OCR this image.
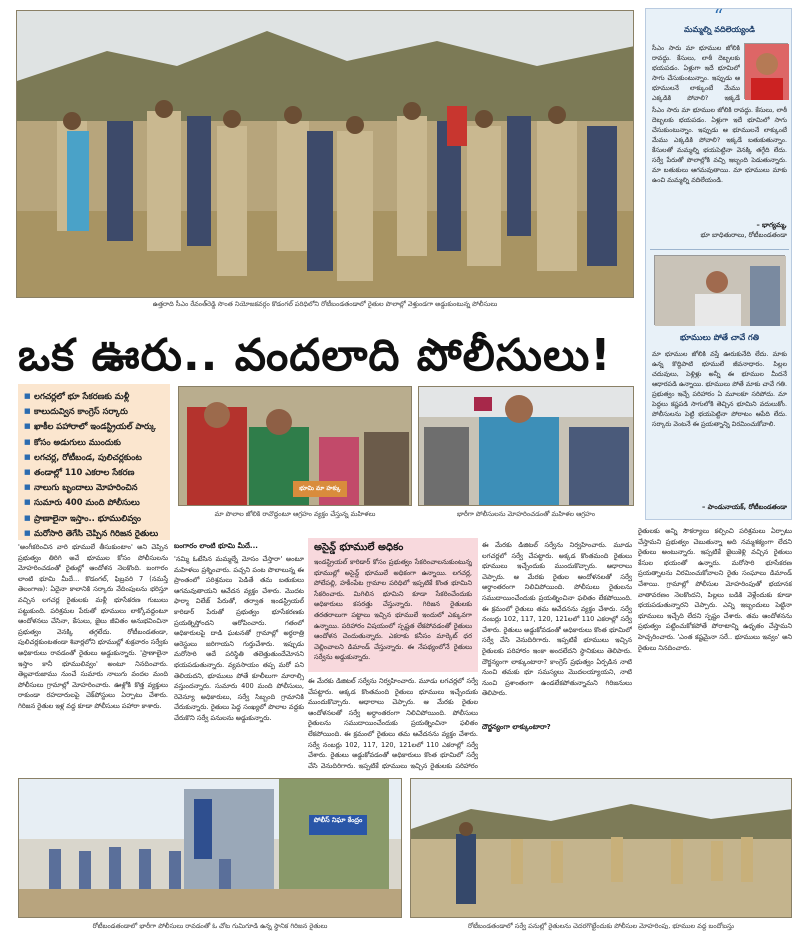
ఉత్తరాది సీఎం రేవంత్‌రెడ్డి సొంత నియోజకవర్గం కొడంగల్ పరిధిలోని రోటీబండతండాలో రైతుల పొలాల్లో వెళ్తుండగా అడ్డుకుంటున్న పోలీసులు
ఒక ఊరు.. వందలాది పోలీసులు!
“
మమ్మల్ని వదిలెయ్యండి
సీఎం సారు మా భూముల జోలికి రావద్దు. కేసులు, లాఠీ దెబ్బలకు భయపడం. ఏళ్లుగా ఇదే భూమిలో సాగు చేసుకుంటున్నాం. ఇప్పుడు ఆ భూములనే లాక్కుంటే మేము ఎక్కడికి పోవాలి? ఇక్కడే
సీఎం సారు మా భూముల జోలికి రావద్దు. కేసులు, లాఠీ దెబ్బలకు భయపడం. ఏళ్లుగా ఇదే భూమిలో సాగు చేసుకుంటున్నాం. ఇప్పుడు ఆ భూములనే లాక్కుంటే మేము ఎక్కడికి పోవాలి? ఇక్కడే బతుకుతున్నాం. కేసులతో మమ్మల్ని భయపెట్టినా వెనక్కి తగ్గేది లేదు. సర్వే పేరుతో పొలాల్లోకి వచ్చి ఇబ్బంది పెడుతున్నారు. మా బతుకులు ఆగమవుతాయి. మా భూములు మాకు ఉంచి మమ్మల్ని వదిలేయండి.
– భాగ్యమ్మ,
భూ బాధితురాలు, రోటీబండతండా
భూములు పోతే చావే గతి
మా భూముల జోలికి వస్తే ఊరుకునేది లేదు. మాకు ఉన్న కొద్దిపాటి భూములే జీవనాధారం. పిల్లల చదువులు, పెళ్లిళ్లు అన్నీ ఈ భూముల మీదనే ఆధారపడి ఉన్నాయి. భూములు పోతే మాకు చావే గతి. ప్రభుత్వం ఇచ్చే పరిహారం ఏ మూలకూ సరిపోదు. మా పెద్దలు కష్టపడి సాగులోకి తెచ్చిన భూమిని వదులుకోం. పోలీసులను పెట్టి భయపెట్టినా పోరాటం ఆపేది లేదు. సర్కారు వెంటనే ఈ ప్రయత్నాన్ని విరమించుకోవాలి.
– పాండునాయక్, రోటీబండతండా
■ లగచర్లలో భూ సేకరణకు మళ్లీ
■ కాలుదువ్విన కాంగ్రెస్ సర్కారు
■ ఖాకీల పహారాలో ఇండస్ట్రియల్ పార్కు
■ కోసం అడుగులు ముందుకు
■ లగచర్ల, రోటీబండ, పులిచర్లకుంట
■ తండాల్లో 110 ఎకరాల సేకరణ
■ నాలుగు బృందాలు మోహరించిన
■ సుమారు 400 మంది పోలీసులు
■ ప్రాణాలైనా ఇస్తాం.. భూములివ్వం
■ మరోసారి తెగేసి చెప్పిన గిరిజన రైతులు
భూమి మా హక్కు
మా పొలాల జోలికి రావొద్దంటూ ఆగ్రహం వ్యక్తం చేస్తున్న మహిళలు	భారీగా పోలీసులను మోహరించడంతో మహిళల ఆగ్రహం
'అంగీకరించిన వారి భూములే తీసుకుంటాం' అని చెప్పిన ప్రభుత్వం తిరిగి అవే భూముల కోసం పోలీసులను మోహరించడంతో రైతుల్లో ఆందోళన నెలకొంది. బంగారం లాంటి భూమి మీదే... కొడంగల్, ఫిబ్రవరి 7 (నమస్తే తెలంగాణ): ఏదైనా కాలానికి సర్కారు వేదింపులను భరిస్తూ వచ్చిన లగచర్ల రైతులకు మళ్లీ భూసేకరణ గుబులు పట్టుకుంది. పరిశ్రమల పేరుతో భూములు లాక్కోవద్దంటూ ఆందోళనలు చేసినా, కేసులు, జైలు జీవితం అనుభవించినా ప్రభుత్వం వెనక్కి తగ్గలేదు. రోటీబండతండా, పులిచర్లకుంటతండా శివార్లలోని భూముల్లో శుక్రవారం సర్వేకు అధికారులు రావడంతో రైతులు అడ్డుకున్నారు. 'ప్రాణాలైనా ఇస్తాం కానీ భూములివ్వం' అంటూ నినదించారు. తెల్లవారుజాము నుంచే సుమారు నాలుగు వందల మంది పోలీసులు గ్రామాల్లో మోహరించారు. ఊళ్లోకి కొత్త వ్యక్తులు రాకుండా రహదారులపై చెక్‌పోస్టులు ఏర్పాటు చేశారు. గిరిజన రైతుల ఇళ్ల వద్ద కూడా పోలీసులు పహారా కాశారు.
బంగారం లాంటి భూమి మీదే...
'నమ్మి ఓటేసిన మమ్మల్నే మోసం చేస్తారా' అంటూ మహిళలు ప్రశ్నించారు. పచ్చని పంట పొలాలున్న ఈ ప్రాంతంలో పరిశ్రమలు పెడితే తమ బతుకులు ఆగమవుతాయని ఆవేదన వ్యక్తం చేశారు. మొదట ఫార్మా విలేజ్ పేరుతో, తర్వాత ఇండస్ట్రియల్ కారిడార్ పేరుతో ప్రభుత్వం భూసేకరణకు ప్రయత్నిస్తోందని ఆరోపించారు. గతంలో అధికారులపై దాడి ఘటనతో గ్రామాల్లో అర్ధరాత్రి అరెస్టులు జరిగాయని గుర్తుచేశారు. ఇప్పుడు మరోసారి అదే పరిస్థితి తలెత్తుతుందేమోనని భయపడుతున్నారు. వ్యవసాయం తప్ప మరో పని తెలియదని, భూములు పోతే కూలీలుగా మారాల్సి వస్తుందన్నారు. సుమారు 400 మంది పోలీసులు, రెవెన్యూ అధికారులు, సర్వే సిబ్బంది గ్రామానికి చేరుకున్నారు. రైతులు పెద్ద సంఖ్యలో పొలాల వద్దకు చేరుకొని సర్వే పనులను అడ్డుకున్నారు.
అసైన్డ్ భూములే అధికం
ఇండస్ట్రియల్ కారిడార్ కోసం ప్రభుత్వం సేకరించాలనుకుంటున్న భూముల్లో అసైన్డ్ భూములే అధికంగా ఉన్నాయి. లగచర్ల, పోలేపల్లి, హకీంపేట గ్రామాల పరిధిలో ఇప్పటికే కొంత భూమిని సేకరించారు. మిగిలిన భూమిని కూడా సేకరించేందుకు అధికారులు కసరత్తు చేస్తున్నారు. గిరిజన రైతులకు తరతరాలుగా పట్టాలు ఇచ్చిన భూములే ఇందులో ఎక్కువగా ఉన్నాయి. పరిహారం విషయంలో స్పష్టత లేకపోవడంతో రైతులు ఆందోళన చెందుతున్నారు. ఎకరాకు కనీసం మార్కెట్ ధర చెల్లించాలని డిమాండ్ చేస్తున్నారు. ఈ నేపథ్యంలోనే రైతులు సర్వేను అడ్డుకున్నారు.
ఈ మేరకు డిజిటల్ సర్వేను నిర్వహించారు. మూడు లగచర్లలో సర్వే చేపట్టారు. అక్కడ కొంతమంది రైతులు భూములు ఇచ్చేందుకు ముందుకొచ్చారు. ఆధారాలు చెప్పారు. ఆ మేరకు రైతుల ఆందోళనలతో సర్వే అర్ధాంతరంగా నిలిచిపోయింది. పోలీసులు రైతులను సముదాయించేందుకు ప్రయత్నించినా ఫలితం లేకపోయింది. ఈ క్రమంలో రైతులు తమ ఆవేదనను వ్యక్తం చేశారు. సర్వే నంబర్లు 102, 117, 120, 121లలో 110 ఎకరాల్లో సర్వే చేశారు. రైతులు అడ్డుకోవడంతో అధికారులు కొంత భూమిలో సర్వే చేసి వెనుదిరిగారు. ఇప్పటికే భూములు ఇచ్చిన రైతులకు పరిహారం
ఈ మేరకు డిజిటల్ సర్వేను నిర్వహించారు. మూడు లగచర్లలో సర్వే చేపట్టారు. అక్కడ కొంతమంది రైతులు భూములు ఇచ్చేందుకు ముందుకొచ్చారు. ఆధారాలు చెప్పారు. ఆ మేరకు రైతుల ఆందోళనలతో సర్వే అర్ధాంతరంగా నిలిచిపోయింది. పోలీసులు రైతులను సముదాయించేందుకు ప్రయత్నించినా ఫలితం లేకపోయింది. ఈ క్రమంలో రైతులు తమ ఆవేదనను వ్యక్తం చేశారు. సర్వే నంబర్లు 102, 117, 120, 121లలో 110 ఎకరాల్లో సర్వే చేశారు. రైతులు అడ్డుకోవడంతో అధికారులు కొంత భూమిలో సర్వే చేసి వెనుదిరిగారు. ఇప్పటికే భూములు ఇచ్చిన రైతులకు పరిహారం ఇంకా అందలేదని స్థానికులు తెలిపారు. దౌర్జన్యంగా లాక్కుంటారా? కాంగ్రెస్ ప్రభుత్వం ఏర్పడిన నాటి నుంచి తమకు భూ సమస్యలు మొదలయ్యాయని, నాటి నుంచి ప్రశాంతంగా ఉండలేకపోతున్నామని గిరిజనులు తెలిపారు.
దౌర్జన్యంగా లాక్కుంటారా?
రైతులకు అన్ని సౌకర్యాలు కల్పించి పరిశ్రమలు ఏర్పాటు చేస్తామని ప్రభుత్వం చెబుతున్నా అది నమ్మశక్యంగా లేదని రైతులు అంటున్నారు. ఇప్పటికే జైలుకెళ్లి వచ్చిన రైతులు కేసుల భయంతో ఉన్నారు. మరోసారి భూసేకరణ ప్రయత్నాలను విరమించుకోవాలని రైతు సంఘాలు డిమాండ్ చేశాయి. గ్రామాల్లో పోలీసుల మోహరింపుతో భయానక వాతావరణం నెలకొందని, పిల్లలు బడికి వెళ్లేందుకు కూడా భయపడుతున్నారని చెప్పారు. ఎన్ని ఇబ్బందులు పెట్టినా భూములు ఇచ్చేది లేదని స్పష్టం చేశారు. తమ ఆందోళనను ప్రభుత్వం పట్టించుకోకపోతే పోరాటాన్ని ఉధృతం చేస్తామని హెచ్చరించారు. 'ఎంత కష్టమైనా సరే.. భూములు ఇవ్వం' అని రైతులు నినదించారు.
పోలీస్ నిఘా కేంద్రం
రోటీబండతండాలో భారీగా పోలీసులు రావడంతో ఓ చోట గుమిగూడి ఉన్న స్థానిక గిరిజన రైతులు	రోటీబండతండాలో సర్వే పనుల్లో రైతులను చెదరగొట్టేందుకు పోలీసుల మోహరింపు, భూముల వద్ద బందోబస్తు
